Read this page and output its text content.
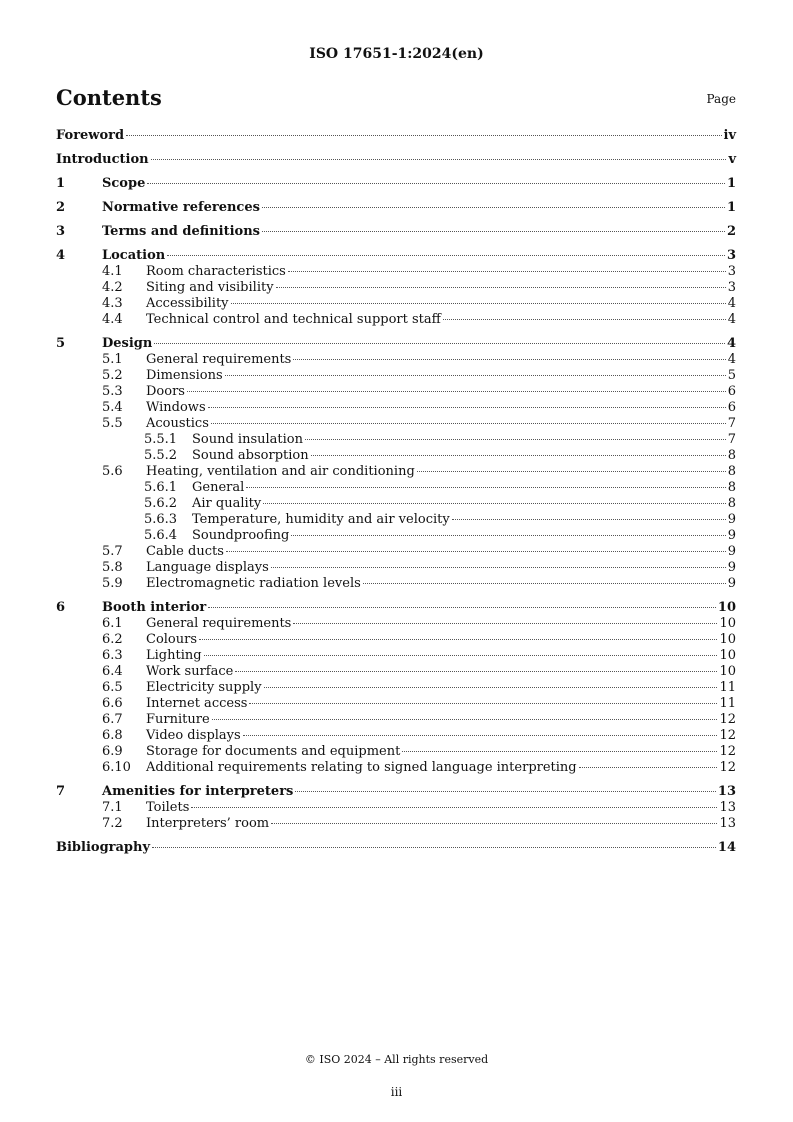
ISO 17651-1:2024(en)
Contents	Page
Foreword	iv
Introduction	v
1	Scope	1
2	Normative references	1
3	Terms and definitions	2
4	Location	3
4.1 Room characteristics	3
4.2 Siting and visibility	3
4.3 Accessibility	4
4.4 Technical control and technical support staff	4
5	Design	4
5.1 General requirements	4
5.2 Dimensions	5
5.3 Doors	6
5.4 Windows	6
5.5 Acoustics	7
5.5.1 Sound insulation	7
5.5.2 Sound absorption	8
5.6 Heating, ventilation and air conditioning	8
5.6.1 General	8
5.6.2 Air quality	8
5.6.3 Temperature, humidity and air velocity	9
5.6.4 Soundproofing	9
5.7 Cable ducts	9
5.8 Language displays	9
5.9 Electromagnetic radiation levels	9
6	Booth interior	10
6.1 General requirements	10
6.2 Colours	10
6.3 Lighting	10
6.4 Work surface	10
6.5 Electricity supply	11
6.6 Internet access	11
6.7 Furniture	12
6.8 Video displays	12
6.9 Storage for documents and equipment	12
6.10 Additional requirements relating to signed language interpreting	12
7	Amenities for interpreters	13
7.1 Toilets	13
7.2 Interpreters’ room	13
Bibliography	14
© ISO 2024 – All rights reserved
iii
